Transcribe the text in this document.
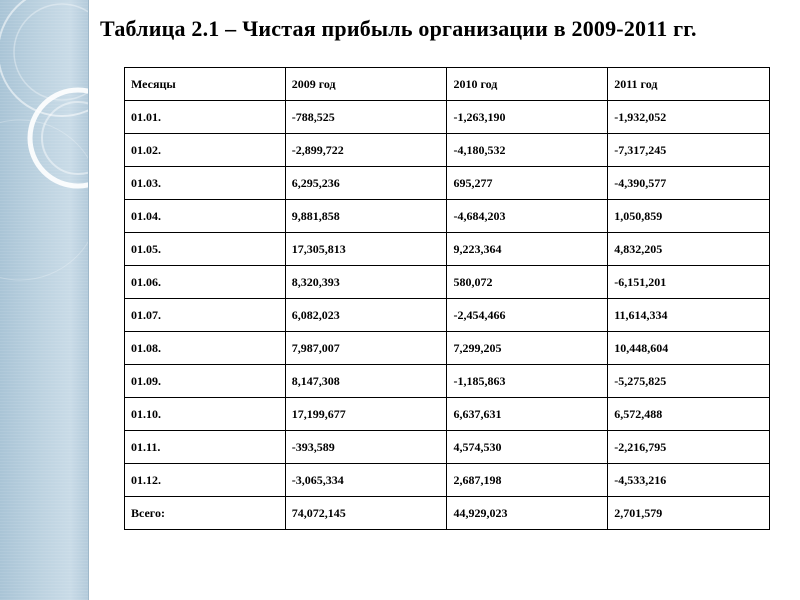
Таблица 2.1 – Чистая прибыль организации в 2009-2011 гг.
Месяцы	2009 год	2010 год	2011 год
01.01.	-788,525	-1,263,190	-1,932,052
01.02.	-2,899,722	-4,180,532	-7,317,245
01.03.	6,295,236	695,277	-4,390,577
01.04.	9,881,858	-4,684,203	1,050,859
01.05.	17,305,813	9,223,364	4,832,205
01.06.	8,320,393	580,072	-6,151,201
01.07.	6,082,023	-2,454,466	11,614,334
01.08.	7,987,007	7,299,205	10,448,604
01.09.	8,147,308	-1,185,863	-5,275,825
01.10.	17,199,677	6,637,631	6,572,488
01.11.	-393,589	4,574,530	-2,216,795
01.12.	-3,065,334	2,687,198	-4,533,216
Всего:	74,072,145	44,929,023	2,701,579
